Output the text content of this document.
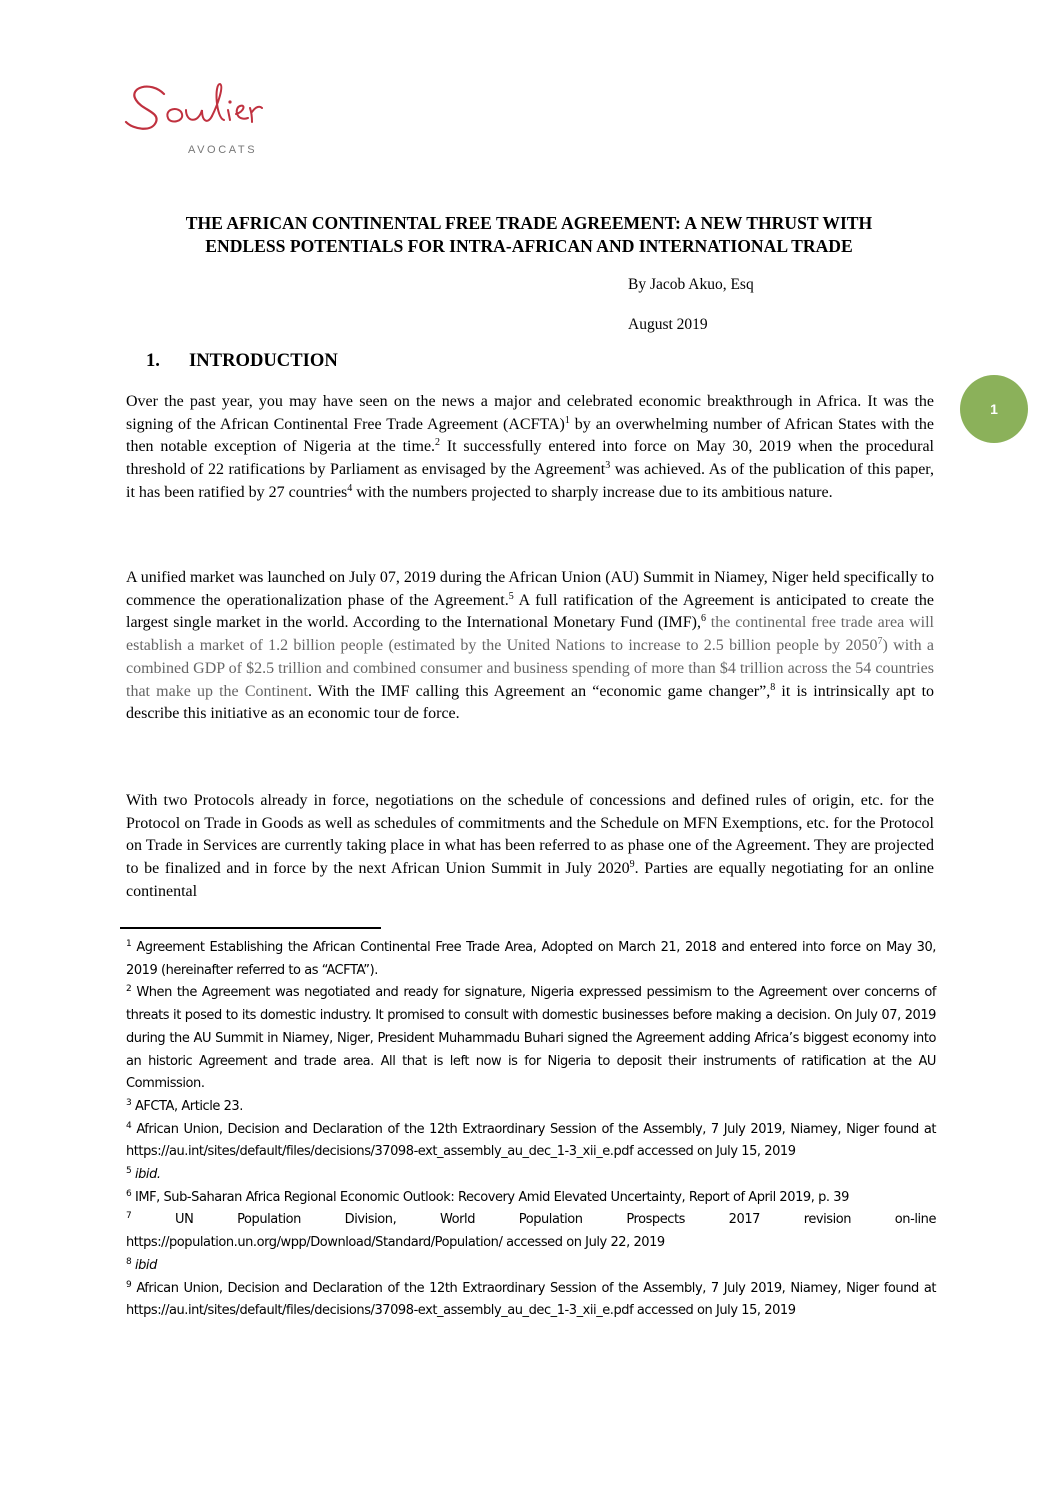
AVOCATS
THE AFRICAN CONTINENTAL FREE TRADE AGREEMENT: A NEW THRUST WITH
ENDLESS POTENTIALS FOR INTRA-AFRICAN AND INTERNATIONAL TRADE
By Jacob Akuo, Esq
August 2019
1. INTRODUCTION
1

Over the past year, you may have seen on the news a major and celebrated economic breakthrough in Africa. It was the signing of the African Continental Free Trade Agreement (ACFTA)$^1$ by an overwhelming number of African States with the then notable exception of Nigeria at the time.$^2$ It successfully entered into force on May 30, 2019 when the procedural threshold of 22 ratifications by Parliament as envisaged by the Agreement$^3$ was achieved. As of the publication of this paper, it has been ratified by 27 countries$^4$ with the numbers projected to sharply increase due to its ambitious nature.

A unified market was launched on July 07, 2019 during the African Union (AU) Summit in Niamey, Niger held specifically to commence the operationalization phase of the Agreement.$^5$ A full ratification of the Agreement is anticipated to create the largest single market in the world. According to the International Monetary Fund (IMF),$^6$ the continental free trade area will establish a market of 1.2 billion people (estimated by the United Nations to increase to 2.5 billion people by 2050$^7$) with a combined GDP of $2.5 trillion and combined consumer and business spending of more than $4 trillion across the 54 countries that make up the Continent. With the IMF calling this Agreement an “economic game changer”,$^8$ it is intrinsically apt to describe this initiative as an economic tour de force.

With two Protocols already in force, negotiations on the schedule of concessions and defined rules of origin, etc. for the Protocol on Trade in Goods as well as schedules of commitments and the Schedule on MFN Exemptions, etc. for the Protocol on Trade in Services are currently taking place in what has been referred to as phase one of the Agreement. They are projected to be finalized and in force by the next African Union Summit in July 2020$^9$. Parties are equally negotiating for an online continental

$^1$ Agreement Establishing the African Continental Free Trade Area, Adopted on March 21, 2018 and entered into force on May 30, 2019 (hereinafter referred to as “ACFTA”).

$^2$ When the Agreement was negotiated and ready for signature, Nigeria expressed pessimism to the Agreement over concerns of threats it posed to its domestic industry. It promised to consult with domestic businesses before making a decision. On July 07, 2019 during the AU Summit in Niamey, Niger, President Muhammadu Buhari signed the Agreement adding Africa’s biggest economy into an historic Agreement and trade area. All that is left now is for Nigeria to deposit their instruments of ratification at the AU Commission.

$^3$ AFCTA, Article 23.

$^4$ African Union, Decision and Declaration of the 12th Extraordinary Session of the Assembly, 7 July 2019, Niamey, Niger found at https://au.int/sites/default/files/decisions/37098-ext_assembly_au_dec_1-3_xii_e.pdf accessed on July 15, 2019

$^5$ ibid.

$^6$ IMF, Sub-Saharan Africa Regional Economic Outlook: Recovery Amid Elevated Uncertainty, Report of April 2019, p. 39

$^7$ UN Population Division, World Population Prospects 2017 revision on-line https://population.un.org/wpp/Download/Standard/Population/ accessed on July 22, 2019

$^8$ ibid

$^9$ African Union, Decision and Declaration of the 12th Extraordinary Session of the Assembly, 7 July 2019, Niamey, Niger found at https://au.int/sites/default/files/decisions/37098-ext_assembly_au_dec_1-3_xii_e.pdf accessed on July 15, 2019
